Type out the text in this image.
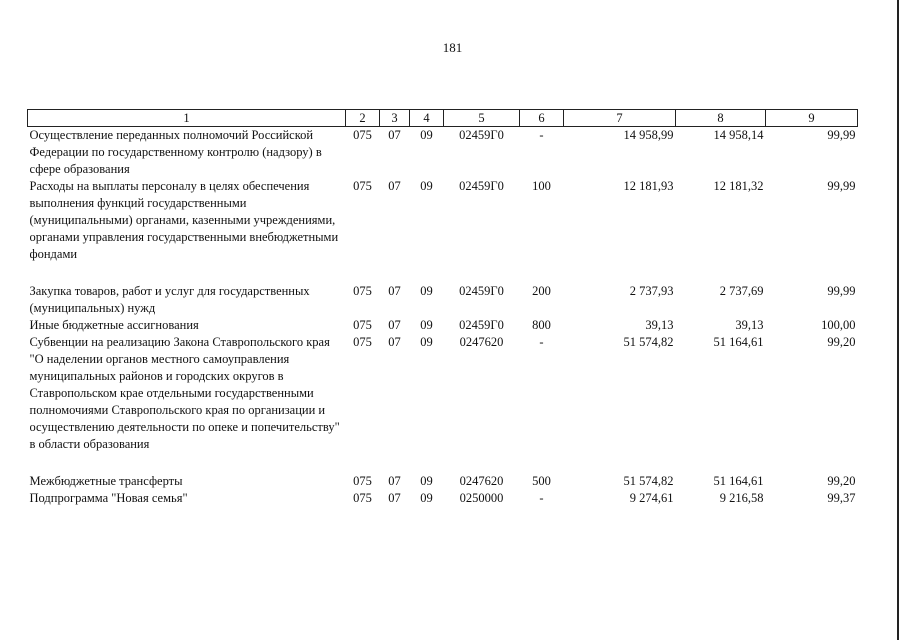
181
1	2	3	4	5	6	7	8	9
Осуществление переданных полномочий Российской Федерации по государственному контролю (надзору) в сфере образования	075	07	09	02459Г0	-	14 958,99	14 958,14	99,99
Расходы на выплаты персоналу в целях обеспечения выполнения функций государственными (муниципальными) органами, казенными учреждениями, органами управления государственными внебюджетными фондами	075	07	09	02459Г0	100	12 181,93	12 181,32	99,99

Закупка товаров, работ и услуг для государственных (муниципальных) нужд	075	07	09	02459Г0	200	2 737,93	2 737,69	99,99
Иные бюджетные ассигнования	075	07	09	02459Г0	800	39,13	39,13	100,00
Субвенции на реализацию Закона Ставропольского края "О наделении органов местного самоуправления муниципальных районов и городских округов в Ставропольском крае отдельными государственными полномочиями Ставропольского края по организации и осуществлению деятельности по опеке и попечительству" в области образования	075	07	09	0247620	-	51 574,82	51 164,61	99,20

Межбюджетные трансферты	075	07	09	0247620	500	51 574,82	51 164,61	99,20
Подпрограмма "Новая семья"	075	07	09	0250000	-	9 274,61	9 216,58	99,37
